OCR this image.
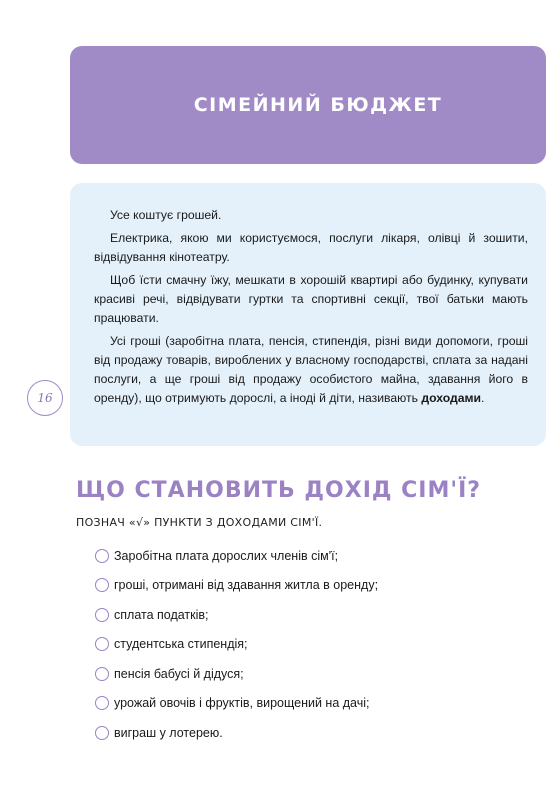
СІМЕЙНИЙ БЮДЖЕТ

Усе коштує грошей.

Електрика, якою ми користуємося, послуги лікаря, олівці й зошити, відвідування кінотеатру.

Щоб їсти смачну їжу, мешкати в хорошій квартирі або будинку, купувати красиві речі, відвідувати гуртки та спортивні секції, твої батьки мають працювати.

Усі гроші (заробітна плата, пенсія, стипендія, різні види допомоги, гроші від продажу товарів, вироблених у власному господарстві, сплата за надані послуги, а ще гроші від продажу особистого майна, здавання його в оренду), що отримують дорослі, а іноді й діти, називають доходами.

16
ЩО СТАНОВИТЬ ДОХІД СІМ'Ї?
ПОЗНАЧ «√» ПУНКТИ З ДОХОДАМИ СІМ'Ї.
Заробітна плата дорослих членів сім'ї;
гроші, отримані від здавання житла в оренду;
сплата податків;
студентська стипендія;
пенсія бабусі й дідуся;
урожай овочів і фруктів, вирощений на дачі;
виграш у лотерею.
